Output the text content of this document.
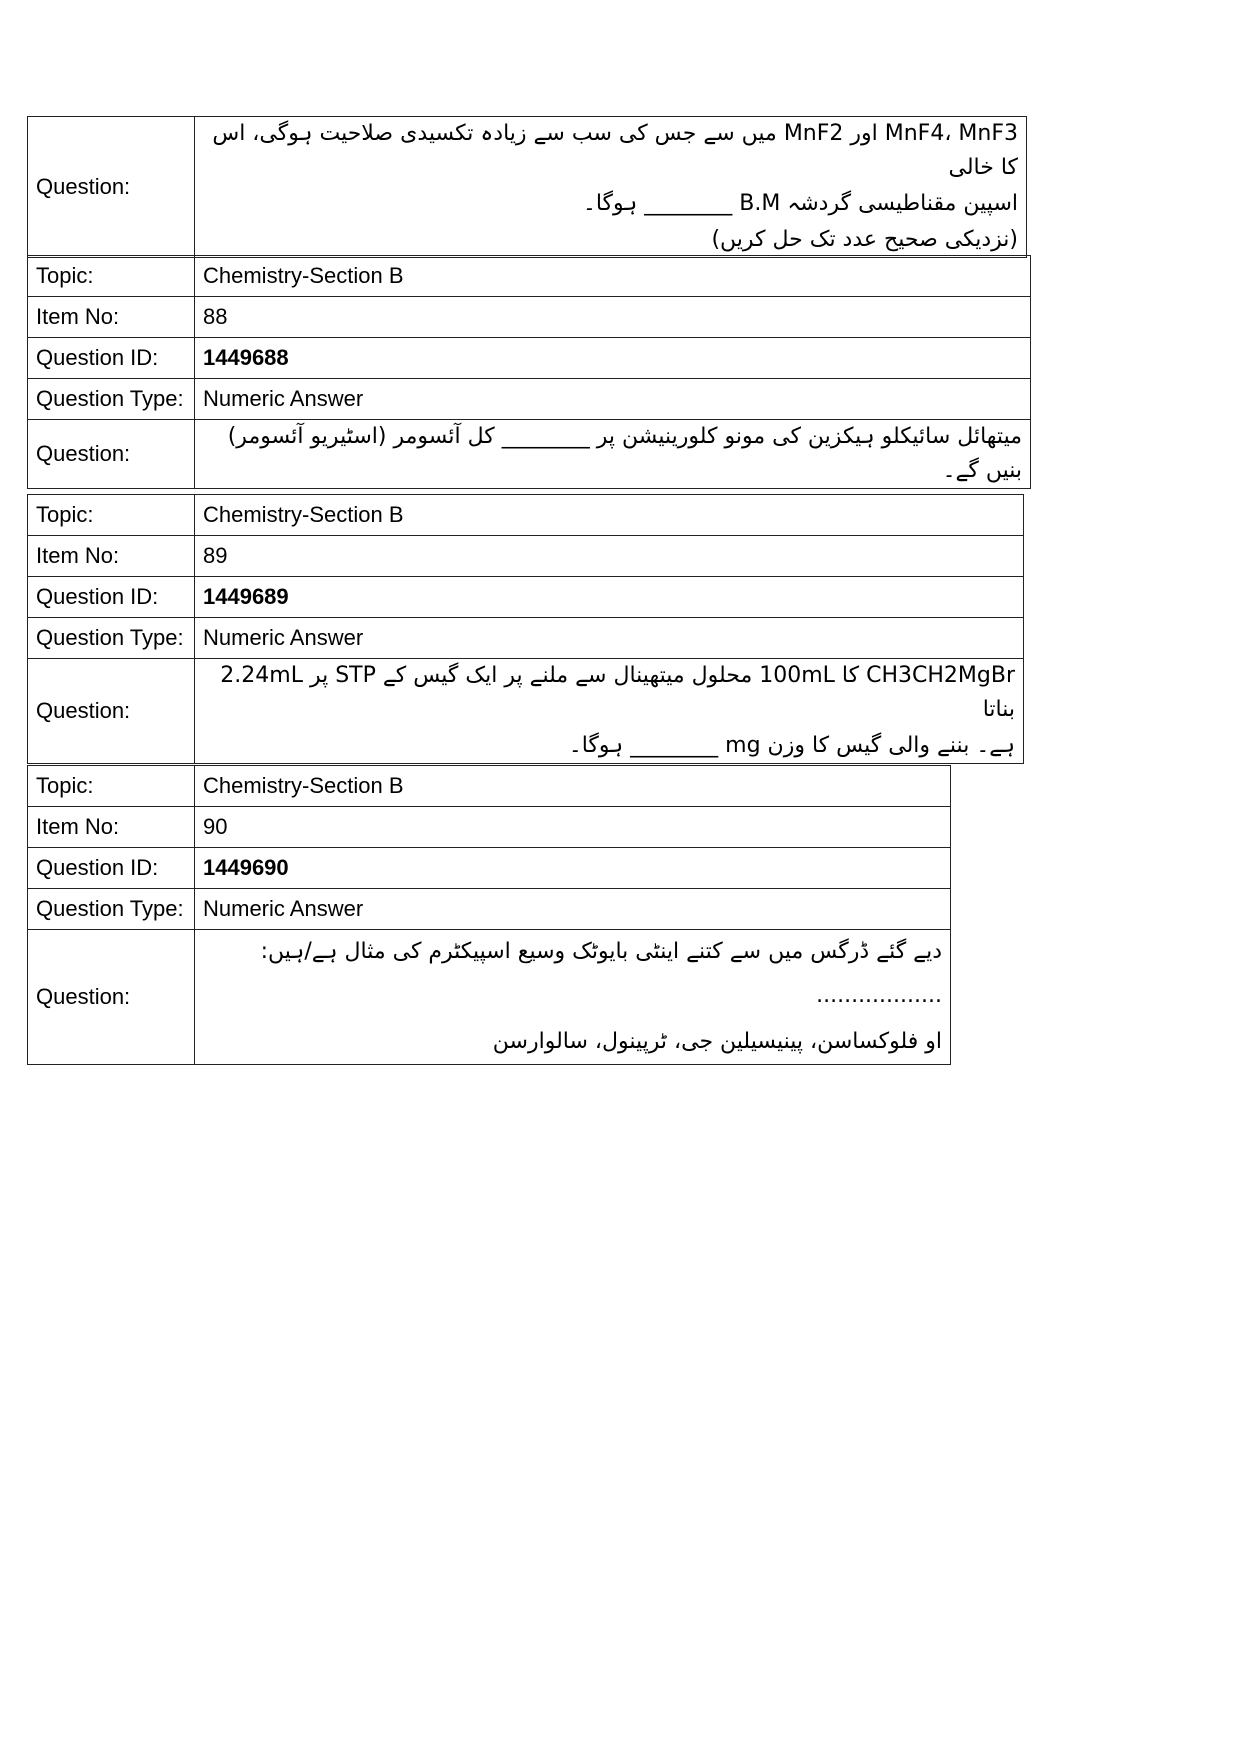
Question:	
MnF4، MnF3 اور MnF2 میں سے جس کی سب سے زیادہ تکسیدی صلاحیت ہوگی، اس کا خالی
اسپین مقناطیسی گردشہ B.M ________ ہوگا۔
(نزدیکی صحیح عدد تک حل کریں)
Topic:	Chemistry-Section B
Item No:	88
Question ID:	1449688
Question Type:	Numeric Answer
Question:	میتھائل سائیکلو ہیکزین کی مونو کلورینیشن پر ________ کل آئسومر (اسٹیریو آئسومر) بنیں گے۔
Topic:	Chemistry-Section B
Item No:	89
Question ID:	1449689
Question Type:	Numeric Answer
Question:	CH3CH2MgBr کا 100mL محلول میتھینال سے ملنے پر ایک گیس کے STP پر 2.24mL بناتا
ہے۔ بننے والی گیس کا وزن mg ________ ہوگا۔
Topic:	Chemistry-Section B
Item No:	90
Question ID:	1449690
Question Type:	Numeric Answer
Question:	دیے گئے ڈرگس میں سے کتنے اینٹی بایوٹک وسیع اسپیکٹرم کی مثال ہے/ہیں: ..................
او فلوکساسن، پینیسیلین جی، ٹرپینول، سالوارسن
